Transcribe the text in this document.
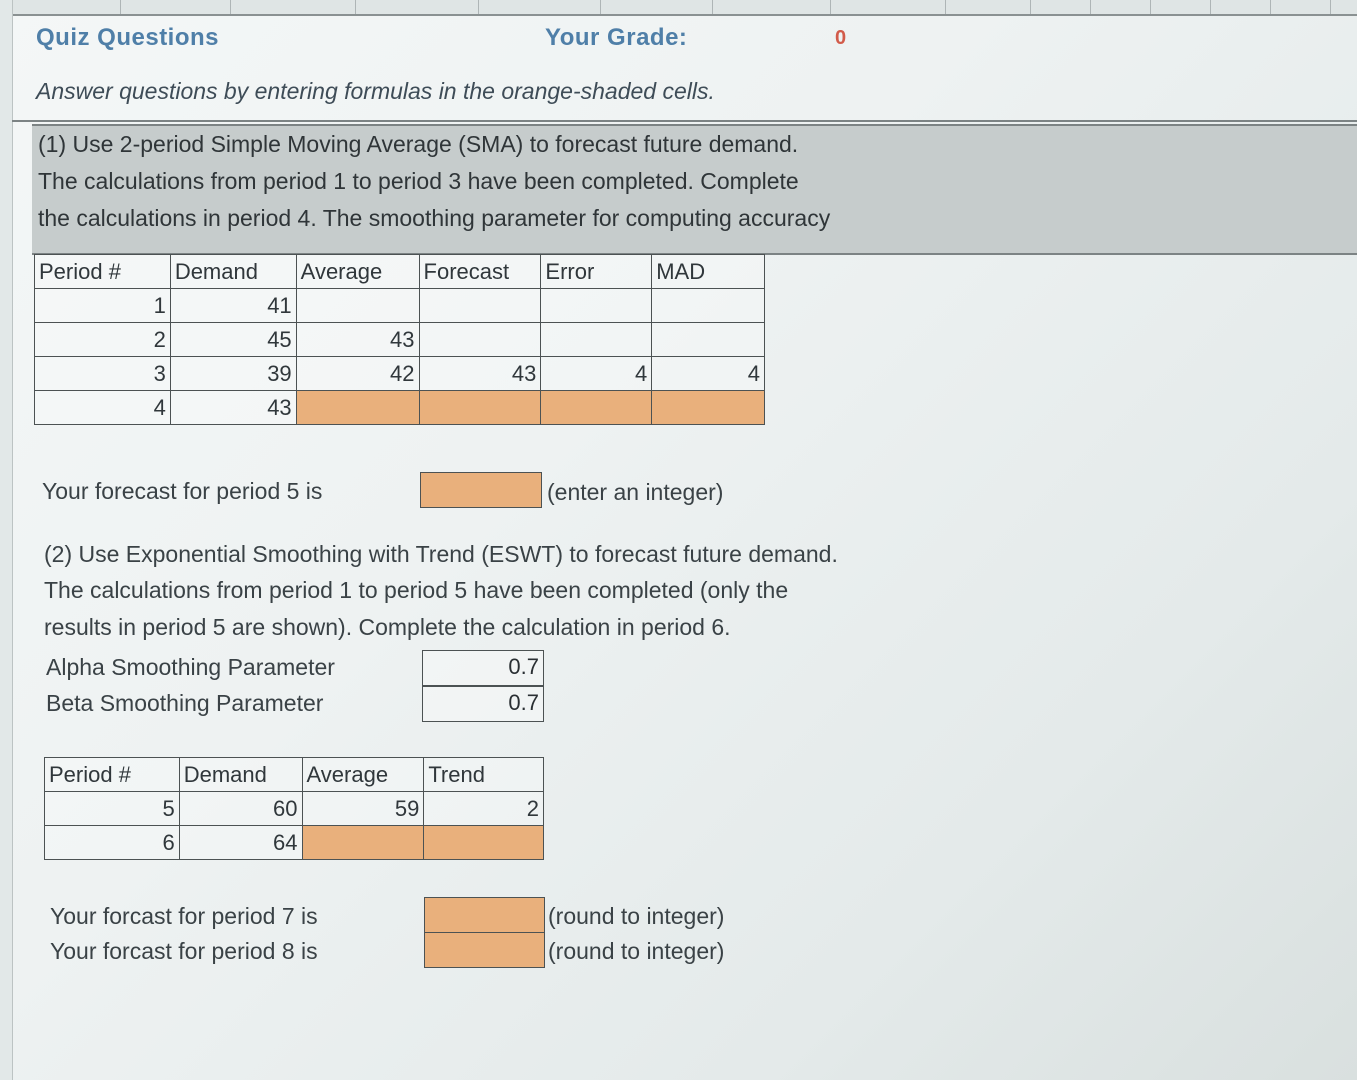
Quiz Questions	Your Grade:	0
Answer questions by entering formulas in the orange-shaded cells.
(1) Use 2-period Simple Moving Average (SMA) to forecast future demand.
The calculations from period 1 to period 3 have been completed. Complete
the calculations in period 4. The smoothing parameter for computing accuracy
Period #	Demand	Average	Forecast	Error	MAD
1	41				
2	45	43			
3	39	42	43	4	4
4	43				
Your forecast for period 5 is	(enter an integer)
(2) Use Exponential Smoothing with Trend (ESWT) to forecast future demand.
The calculations from period 1 to period 5 have been completed (only the
results in period 5 are shown). Complete the calculation in period 6.
Alpha Smoothing Parameter	0.7
Beta Smoothing Parameter	0.7
Period #	Demand	Average	Trend
5	60	59	2
6	64		
Your forcast for period 7 is	(round to integer)
Your forcast for period 8 is	(round to integer)
